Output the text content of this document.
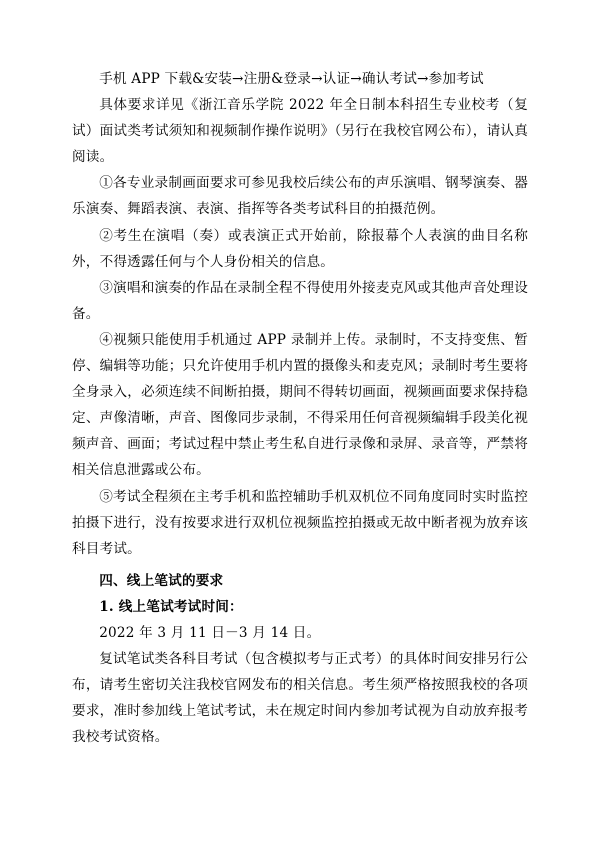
手机 APP 下载&安装→注册&登录→认证→确认考试→参加考试

具体要求详见《浙江音乐学院 2022 年全日制本科招生专业校考（复试）面试类考试须知和视频制作操作说明》（另行在我校官网公布），请认真阅读。

①各专业录制画面要求可参见我校后续公布的声乐演唱、钢琴演奏、器乐演奏、舞蹈表演、表演、指挥等各类考试科目的拍摄范例。

②考生在演唱（奏）或表演正式开始前，除报幕个人表演的曲目名称外，不得透露任何与个人身份相关的信息。

③演唱和演奏的作品在录制全程不得使用外接麦克风或其他声音处理设备。

④视频只能使用手机通过 APP 录制并上传。录制时，不支持变焦、暂停、编辑等功能；只允许使用手机内置的摄像头和麦克风；录制时考生要将全身录入，必须连续不间断拍摄，期间不得转切画面，视频画面要求保持稳定、声像清晰，声音、图像同步录制，不得采用任何音视频编辑手段美化视频声音、画面；考试过程中禁止考生私自进行录像和录屏、录音等，严禁将相关信息泄露或公布。

⑤考试全程须在主考手机和监控辅助手机双机位不同角度同时实时监控拍摄下进行，没有按要求进行双机位视频监控拍摄或无故中断者视为放弃该科目考试。

四、线上笔试的要求

1. 线上笔试考试时间：

2022 年 3 月 11 日－3 月 14 日。

复试笔试类各科目考试（包含模拟考与正式考）的具体时间安排另行公布，请考生密切关注我校官网发布的相关信息。考生须严格按照我校的各项要求，准时参加线上笔试考试，未在规定时间内参加考试视为自动放弃报考我校考试资格。
